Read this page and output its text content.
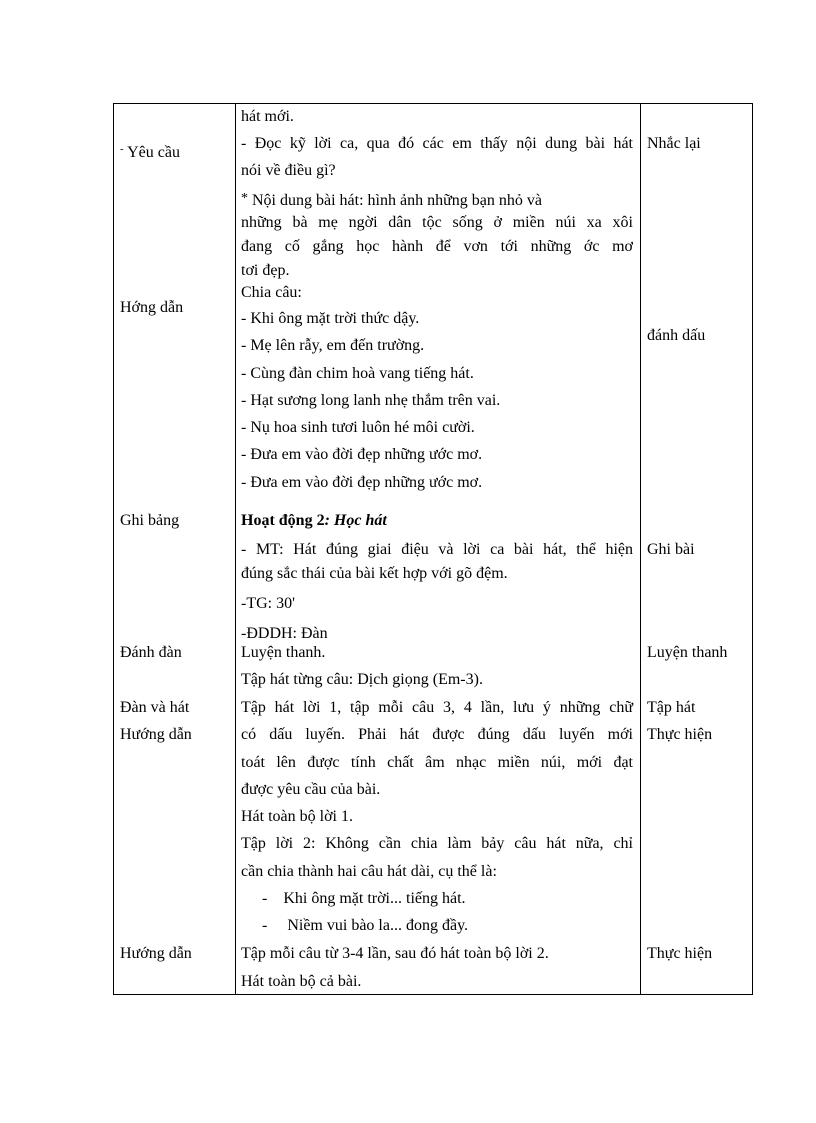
- Yêu cầu
Hớng dẫn
Ghi bảng
Đánh đàn
Đàn và hát
Hướng dẫn
Hướng dẫn
hát mới.
- Đọc kỹ lời ca, qua đó các em thấy nội dung bài hát
nói về điều gì?
* Nội dung bài hát: hình ảnh những bạn nhỏ và
những bà mẹ ngời dân tộc sống ở miền núi xa xôi
đang cố gắng học hành để vơn tới những ớc mơ
tơi đẹp.
Chia câu:
- Khi ông mặt trời thức dậy.
- Mẹ lên rẫy, em đến trường.
- Cùng đàn chim hoà vang tiếng hát.
- Hạt sương long lanh nhẹ thắm trên vai.
- Nụ hoa sinh tươi luôn hé môi cười.
- Đưa em vào đời đẹp những ước mơ.
- Đưa em vào đời đẹp những ước mơ.
Hoạt động 2: Học hát
- MT: Hát đúng giai điệu và lời ca bài hát, thể hiện
đúng sắc thái của bài kết hợp với gõ đệm.
-TG: 30'
-ĐDDH: Đàn
Luyện thanh.
Tập hát từng câu: Dịch giọng (Em-3).
Tập hát lời 1, tập mỗi câu 3, 4 lần, lưu ý những chữ
có dấu luyến. Phải hát được đúng dấu luyến mới
toát lên được tính chất âm nhạc miền núi, mới đạt
được yêu cầu của bài.
Hát toàn bộ lời 1.
Tập lời 2: Không cần chia làm bảy câu hát nữa, chỉ
cần chia thành hai câu hát dài, cụ thể là:
-    Khi ông mặt trời... tiếng hát.
-     Niềm vui bào la... đong đầy.
Tập mỗi câu từ 3-4 lần, sau đó hát toàn bộ lời 2.
Hát toàn bộ cả bài.
Nhắc lại
đánh dấu
Ghi bài
Luyện thanh
Tập hát
Thực hiện
Thực hiện
